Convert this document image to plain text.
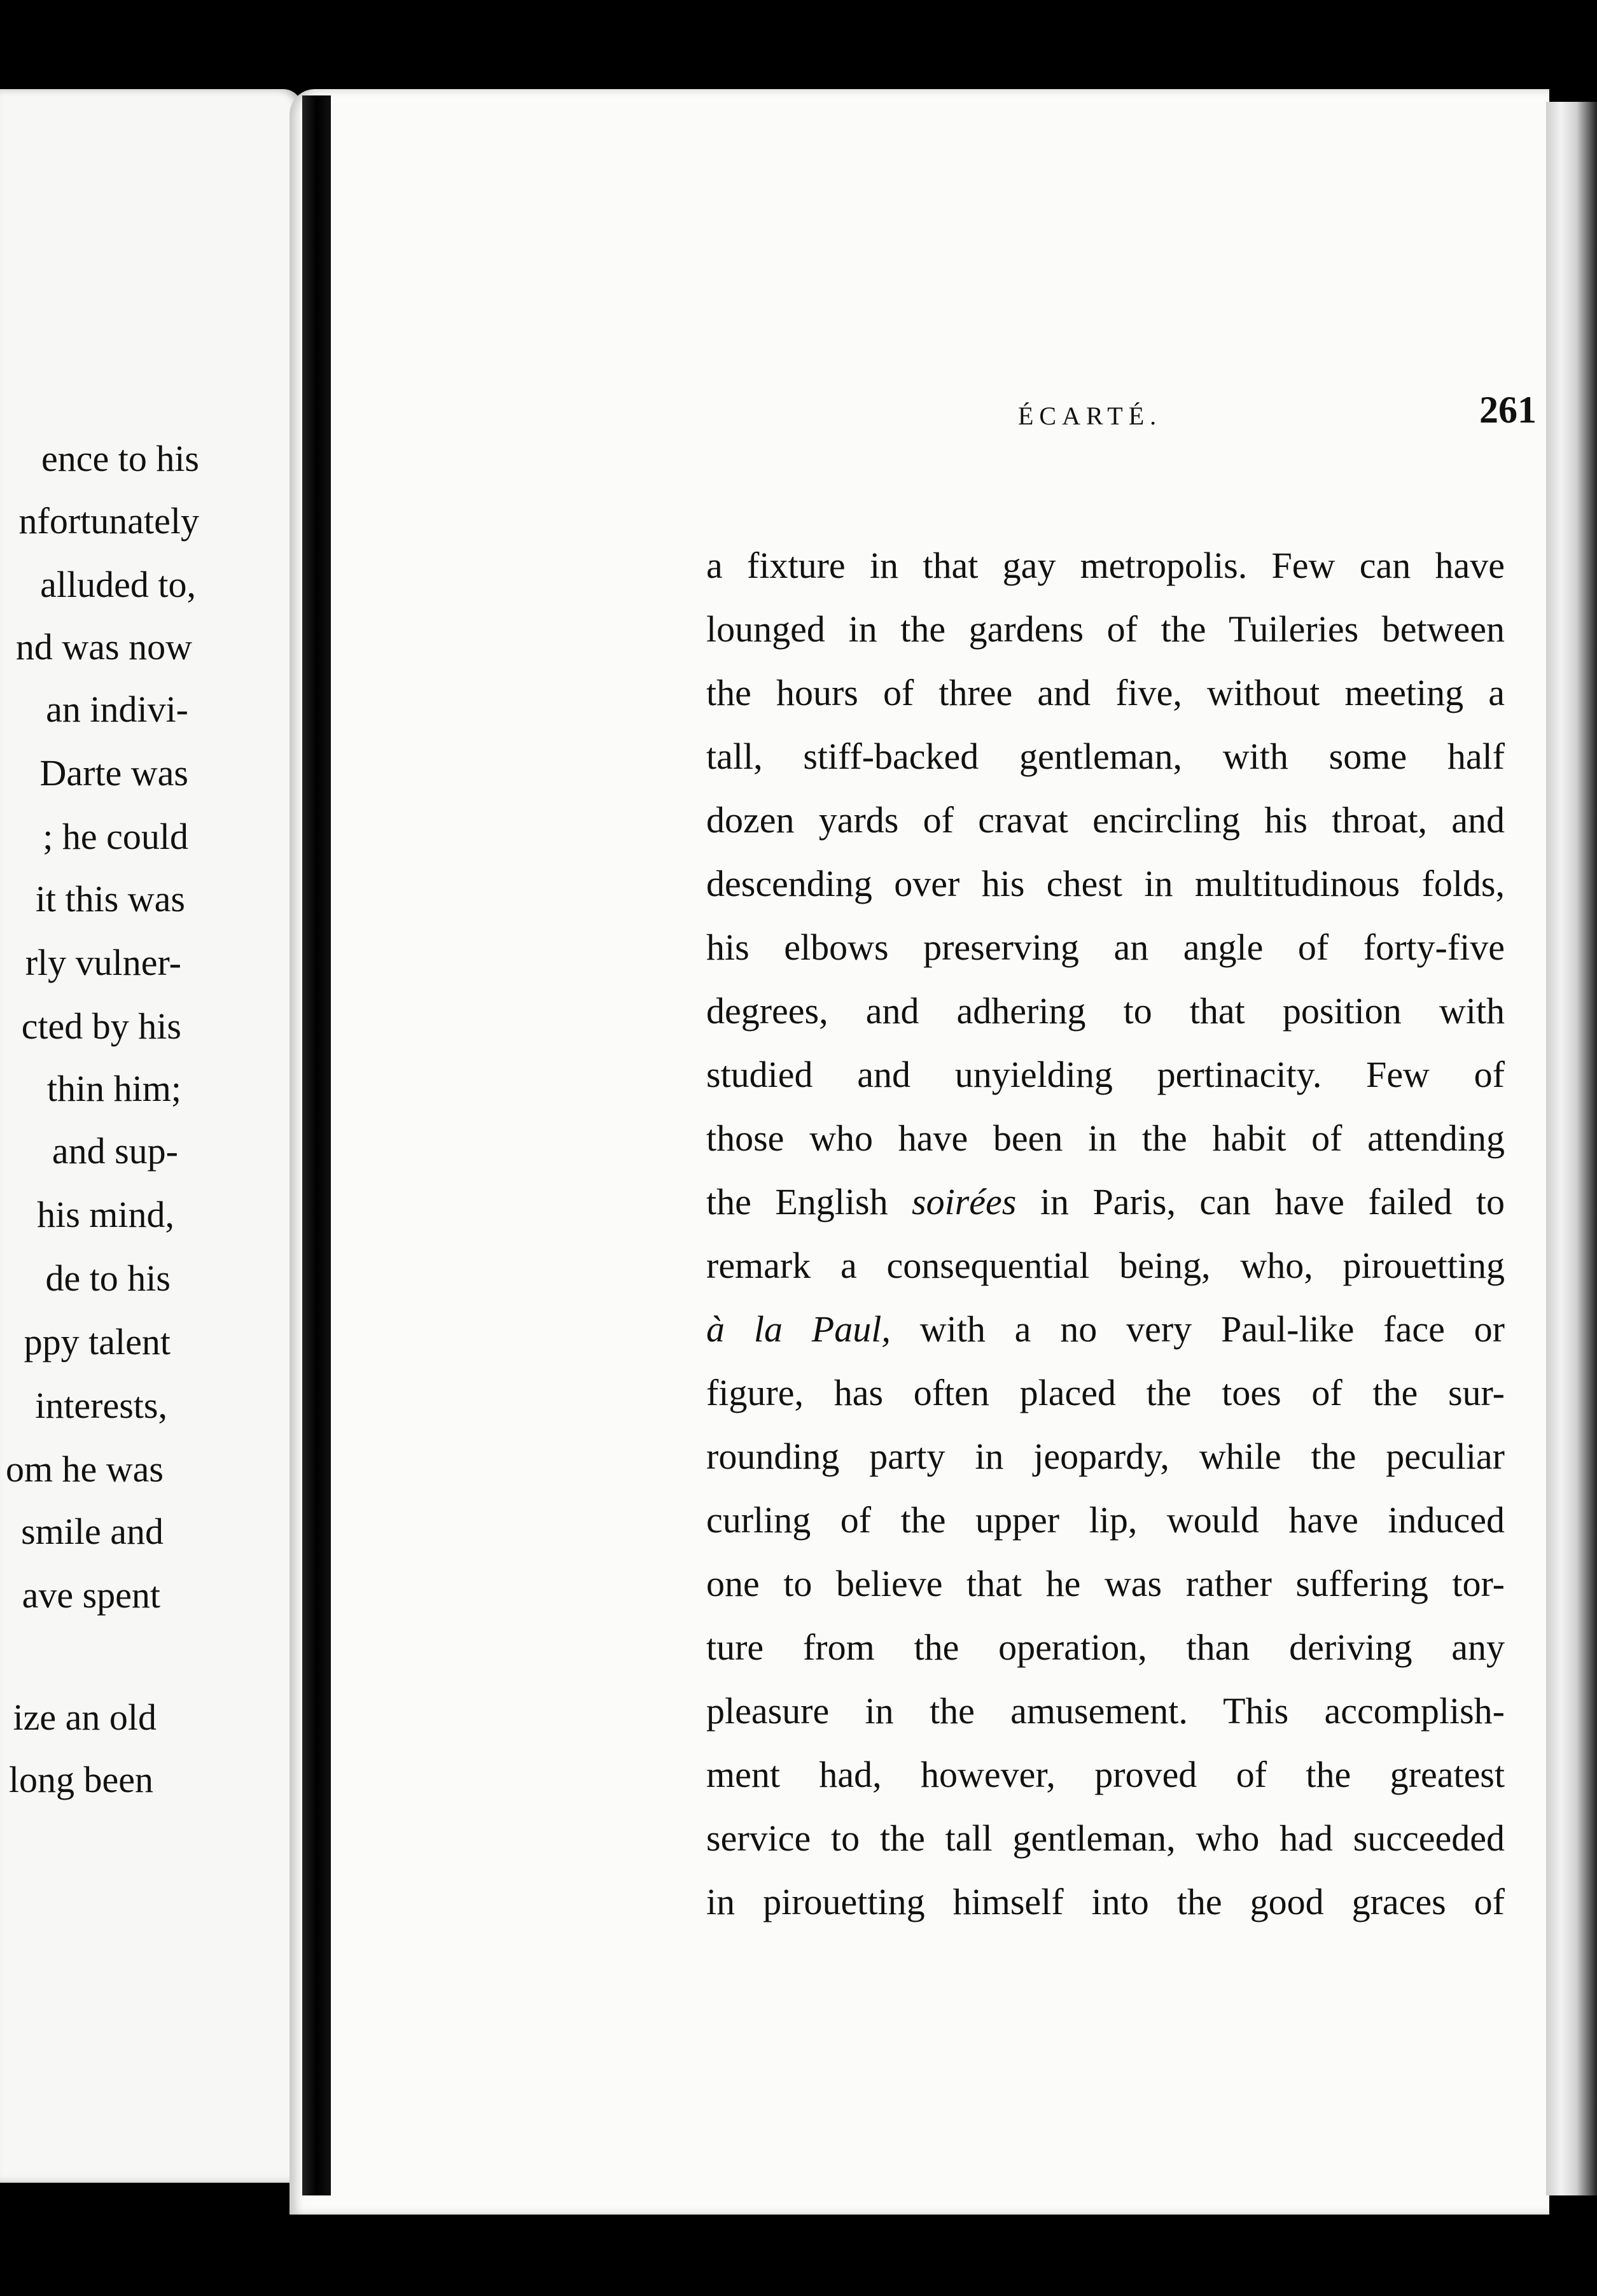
ence to his
nfortunately
alluded to,
nd was now
an indivi-
Darte was
; he could
it this was
rly vulner-
cted by his
thin him;
and sup-
his mind,
de to his
ppy talent
interests,
om he was
smile and
ave spent
ize an old
long been
ÉCARTÉ.	261
a fixture in that gay metropolis. Few can have
lounged in the gardens of the Tuileries between
the hours of three and five, without meeting a
tall, stiff-backed gentleman, with some half
dozen yards of cravat encircling his throat, and
descending over his chest in multitudinous folds,
his elbows preserving an angle of forty-five
degrees, and adhering to that position with
studied and unyielding pertinacity. Few of
those who have been in the habit of attending
the English soirées in Paris, can have failed to
remark a consequential being, who, pirouetting
à la Paul, with a no very Paul-like face or
figure, has often placed the toes of the sur-
rounding party in jeopardy, while the peculiar
curling of the upper lip, would have induced
one to believe that he was rather suffering tor-
ture from the operation, than deriving any
pleasure in the amusement. This accomplish-
ment had, however, proved of the greatest
service to the tall gentleman, who had succeeded
in pirouetting himself into the good graces of
